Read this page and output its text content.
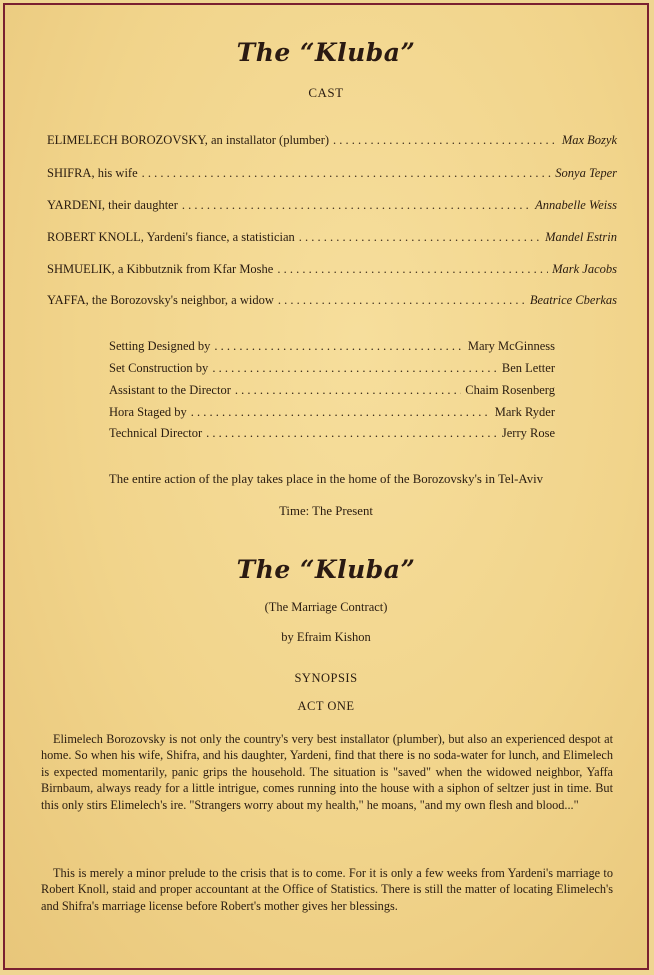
The “Kluba”
CAST
ELIMELECH BOROZOVSKY, an installator (plumber) . . .	Max Bozyk
SHIFRA, his wife . . .	Sonya Teper
YARDENI, their daughter . . .	Annabelle Weiss
ROBERT KNOLL, Yardeni's fiance, a statistician . . .	Mandel Estrin
SHMUELIK, a Kibbutznik from Kfar Moshe . . .	Mark Jacobs
YAFFA, the Borozovsky's neighbor, a widow . . .	Beatrice Cberkas
Setting Designed by . . .	Mary McGinness
Set Construction by . . .	Ben Letter
Assistant to the Director . . .	Chaim Rosenberg
Hora Staged by . . .	Mark Ryder
Technical Director . . .	Jerry Rose
The entire action of the play takes place in the home of the Borozovsky's in Tel-Aviv
Time: The Present
The “Kluba”
(The Marriage Contract)
by Efraim Kishon
SYNOPSIS
ACT ONE

Elimelech Borozovsky is not only the country's very best installator (plumber), but also an experienced despot at home. So when his wife, Shifra, and his daughter, Yardeni, find that there is no soda-water for lunch, and Elimelech is expected momentarily, panic grips the household. The situation is "saved" when the widowed neighbor, Yaffa Birnbaum, always ready for a little intrigue, comes running into the house with a siphon of seltzer just in time. But this only stirs Elimelech's ire. "Strangers worry about my health," he moans, "and my own flesh and blood..."

This is merely a minor prelude to the crisis that is to come. For it is only a few weeks from Yardeni's marriage to Robert Knoll, staid and proper accountant at the Office of Statistics. There is still the matter of locating Elimelech's and Shifra's marriage license before Robert's mother gives her blessings.
